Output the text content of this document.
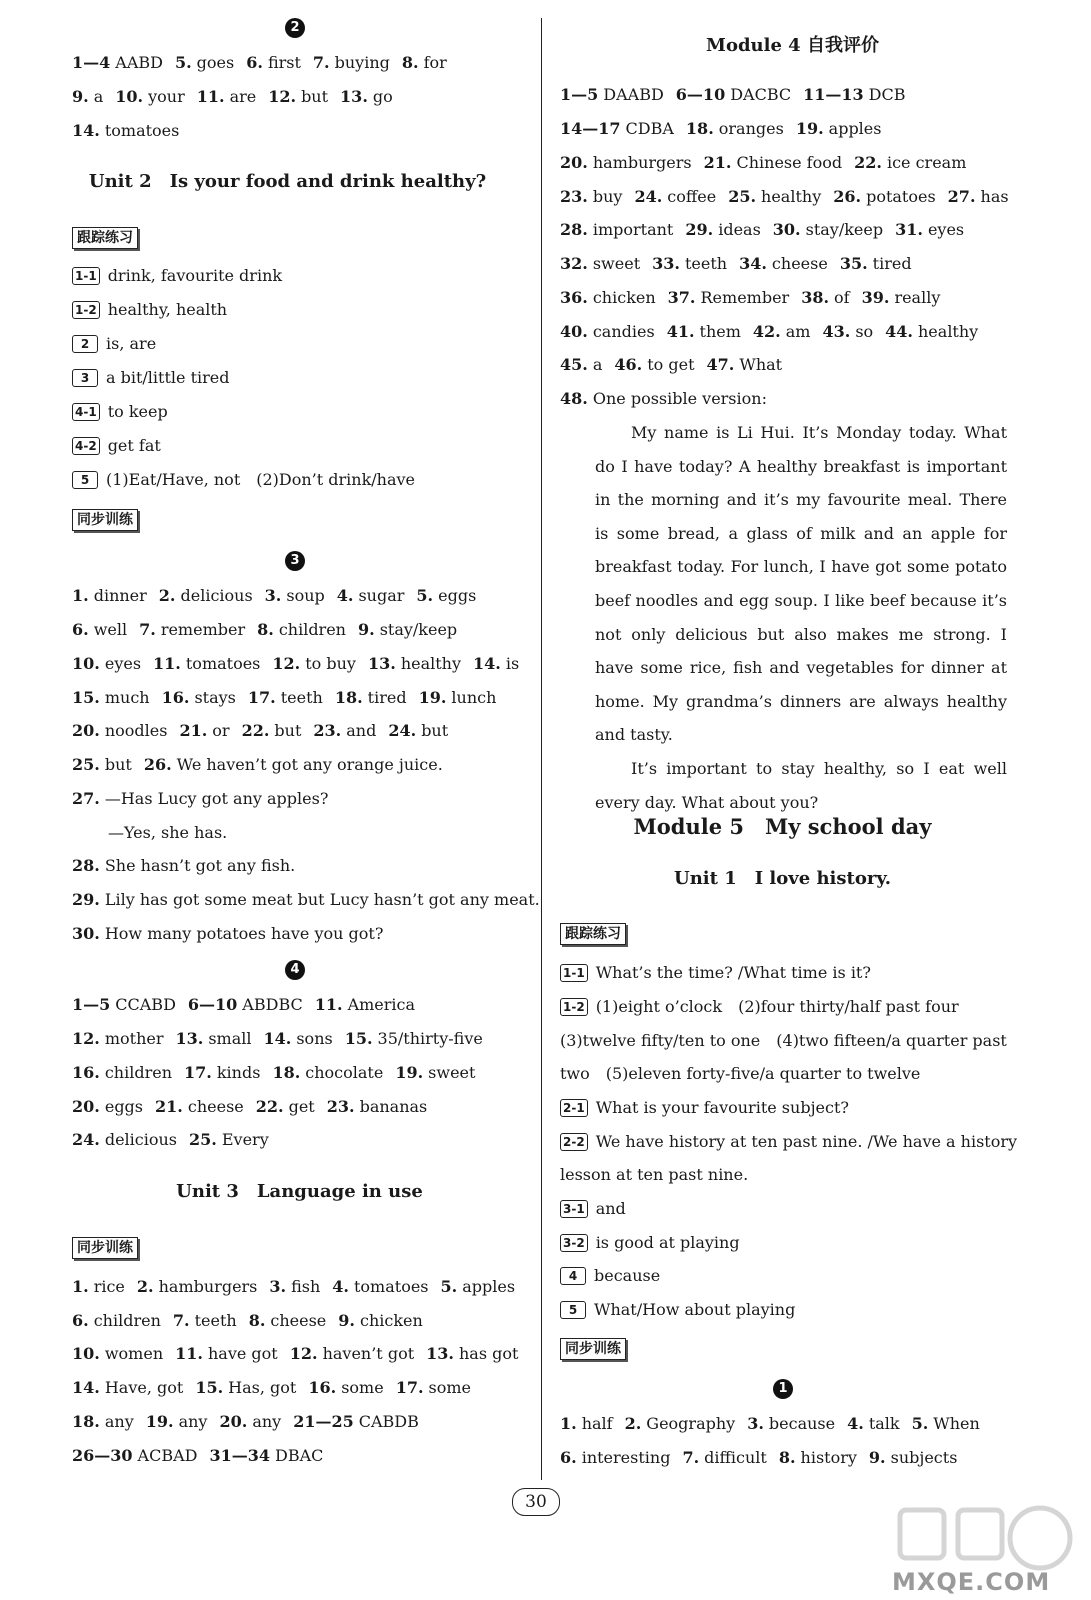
2
1—4 AABD 5. goes 6. first 7. buying 8. for
9. a 10. your 11. are 12. but 13. go
14. tomatoes
Unit 2　Is your food and drink healthy?
跟踪练习
1-1 drink, favourite drink
1-2 healthy, health
2 is, are
3 a bit/little tired
4-1 to keep
4-2 get fat
5 (1)Eat/Have, not　(2)Don’t drink/have
同步训练
3
1. dinner 2. delicious 3. soup 4. sugar 5. eggs
6. well 7. remember 8. children 9. stay/keep
10. eyes 11. tomatoes 12. to buy 13. healthy 14. is
15. much 16. stays 17. teeth 18. tired 19. lunch
20. noodles 21. or 22. but 23. and 24. but
25. but 26. We haven’t got any orange juice.
27. —Has Lucy got any apples?
—Yes, she has.
28. She hasn’t got any fish.
29. Lily has got some meat but Lucy hasn’t got any meat.
30. How many potatoes have you got?
4
1—5 CCABD 6—10 ABDBC 11. America
12. mother 13. small 14. sons 15. 35/thirty-five
16. children 17. kinds 18. chocolate 19. sweet
20. eggs 21. cheese 22. get 23. bananas
24. delicious 25. Every
Unit 3　Language in use
同步训练
1. rice 2. hamburgers 3. fish 4. tomatoes 5. apples
6. children 7. teeth 8. cheese 9. chicken
10. women 11. have got 12. haven’t got 13. has got
14. Have, got 15. Has, got 16. some 17. some
18. any 19. any 20. any 21—25 CABDB
26—30 ACBAD 31—34 DBAC
Module 4 自我评价
1—5 DAABD 6—10 DACBC 11—13 DCB
14—17 CDBA 18. oranges 19. apples
20. hamburgers 21. Chinese food 22. ice cream
23. buy 24. coffee 25. healthy 26. potatoes 27. has
28. important 29. ideas 30. stay/keep 31. eyes
32. sweet 33. teeth 34. cheese 35. tired
36. chicken 37. Remember 38. of 39. really
40. candies 41. them 42. am 43. so 44. healthy
45. a 46. to get 47. What
48. One possible version:

My name is Li Hui. It’s Monday today. What do I have today? A healthy breakfast is important in the morning and it’s my favourite meal. There is some bread, a glass of milk and an apple for breakfast today. For lunch, I have got some potato beef noodles and egg soup. I like beef because it’s not only delicious but also makes me strong. I have some rice, fish and vegetables for dinner at home. My grandma’s dinners are always healthy and tasty.

It’s important to stay healthy, so I eat well every day. What about you?

Module 5　My school day
Unit 1　I love history.
跟踪练习
1-1 What’s the time? /What time is it?
1-2 (1)eight o’clock　(2)four thirty/half past four
(3)twelve fifty/ten to one　(4)two fifteen/a quarter past
two　(5)eleven forty-five/a quarter to twelve
2-1 What is your favourite subject?
2-2 We have history at ten past nine. /We have a history
lesson at ten past nine.
3-1 and
3-2 is good at playing
4 because
5 What/How about playing
同步训练
1
1. half 2. Geography 3. because 4. talk 5. When
6. interesting 7. difficult 8. history 9. subjects
30
MXQE.COM
